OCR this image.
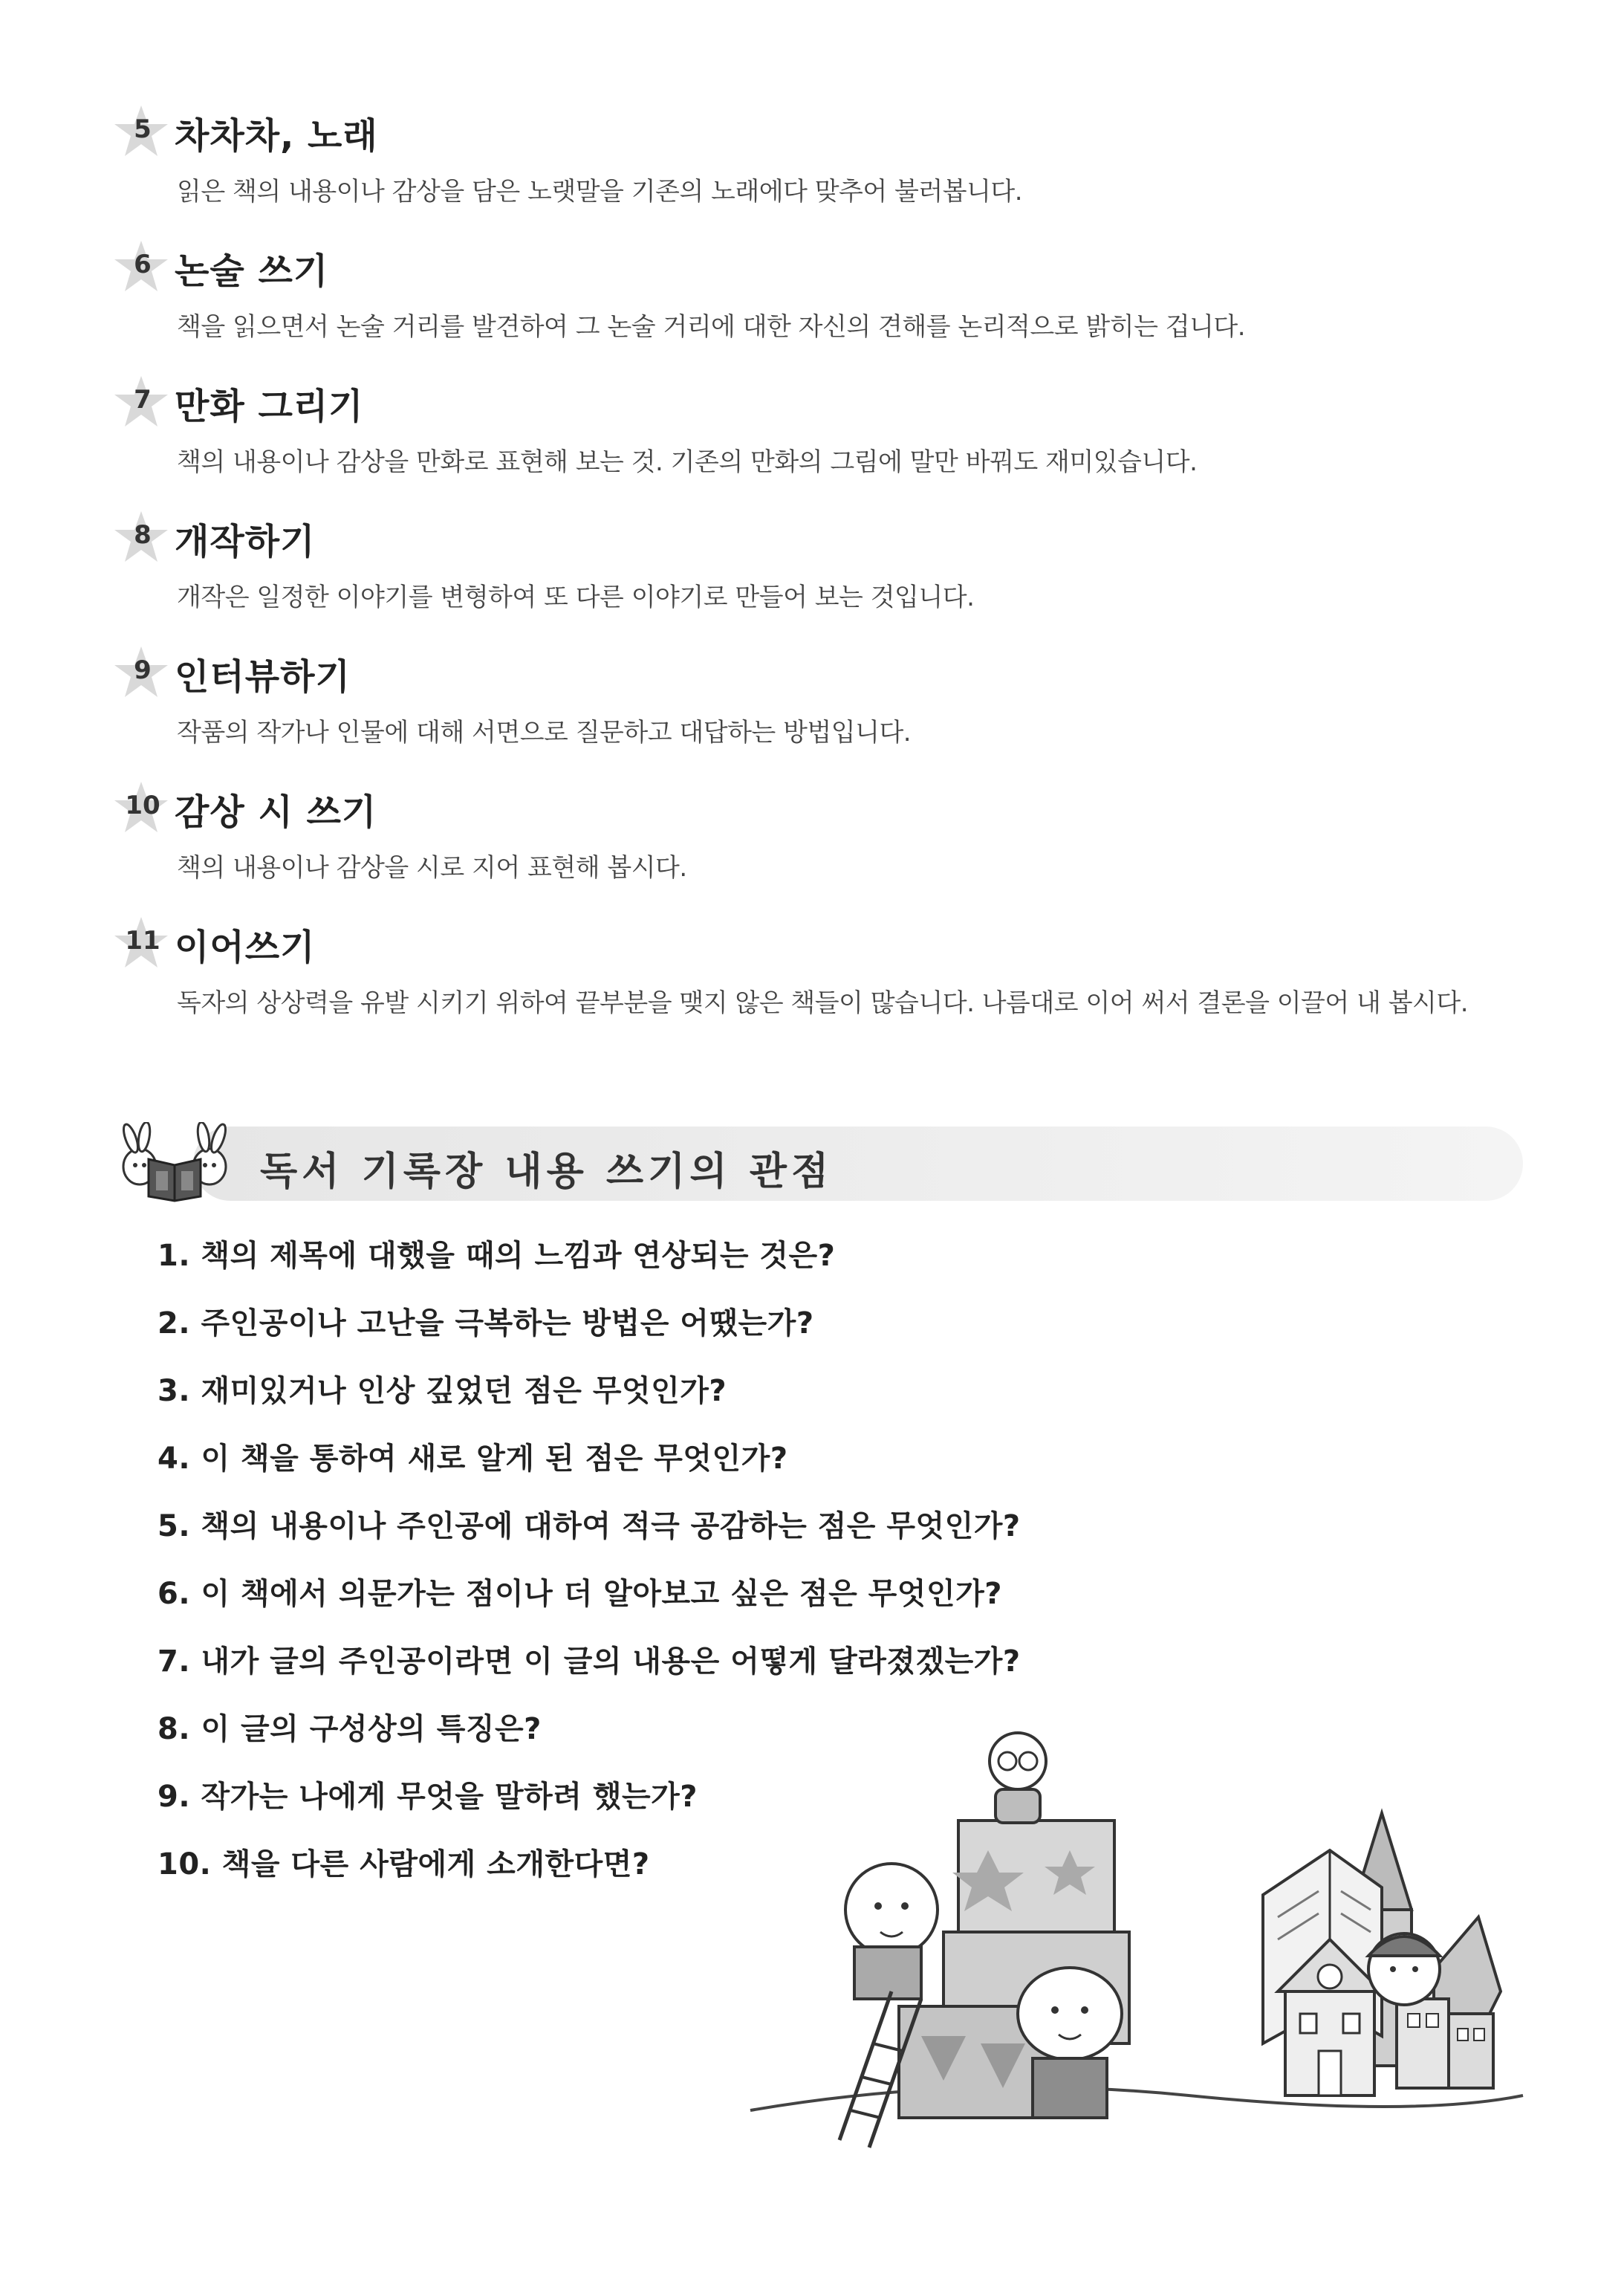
5 차차차, 노래
읽은 책의 내용이나 감상을 담은 노랫말을 기존의 노래에다 맞추어 불러봅니다.
6 논술 쓰기
책을 읽으면서 논술 거리를 발견하여 그 논술 거리에 대한 자신의 견해를 논리적으로 밝히는 겁니다.
7 만화 그리기
책의 내용이나 감상을 만화로 표현해 보는 것. 기존의 만화의 그림에 말만 바꿔도 재미있습니다.
8 개작하기
개작은 일정한 이야기를 변형하여 또 다른 이야기로 만들어 보는 것입니다.
9 인터뷰하기
작품의 작가나 인물에 대해 서면으로 질문하고 대답하는 방법입니다.
10 감상 시 쓰기
책의 내용이나 감상을 시로 지어 표현해 봅시다.
11 이어쓰기
독자의 상상력을 유발 시키기 위하여 끝부분을 맺지 않은 책들이 많습니다. 나름대로 이어 써서 결론을 이끌어 내 봅시다.
독서 기록장 내용 쓰기의 관점
1. 책의 제목에 대했을 때의 느낌과 연상되는 것은?
2. 주인공이나 고난을 극복하는 방법은 어땠는가?
3. 재미있거나 인상 깊었던 점은 무엇인가?
4. 이 책을 통하여 새로 알게 된 점은 무엇인가?
5. 책의 내용이나 주인공에 대하여 적극 공감하는 점은 무엇인가?
6. 이 책에서 의문가는 점이나 더 알아보고 싶은 점은 무엇인가?
7. 내가 글의 주인공이라면 이 글의 내용은 어떻게 달라졌겠는가?
8. 이 글의 구성상의 특징은?
9. 작가는 나에게 무엇을 말하려 했는가?
10. 책을 다른 사람에게 소개한다면?
